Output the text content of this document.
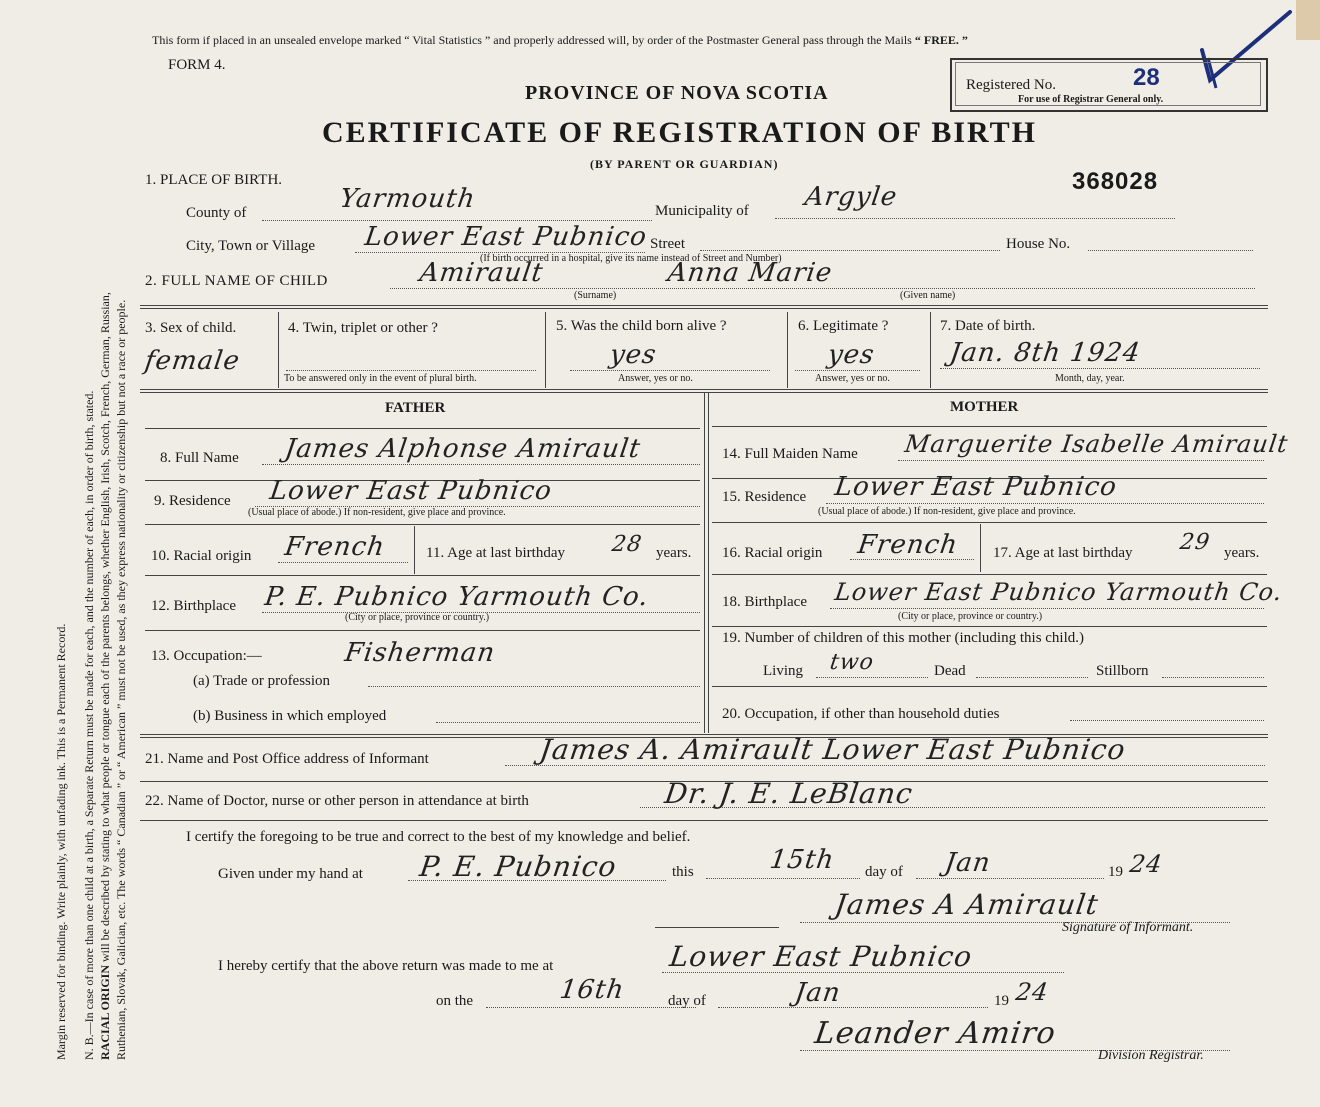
Margin reserved for binding. Write plainly, with unfading ink. This is a Permanent Record. N. B.—In case of more than one child at a birth, a Separate Return must be made for each, and the number of each, in order of birth, stated. RACIAL ORIGIN will be described by stating to what people or tongue each of the parents belongs, whether English, Irish, Scotch, French, German, Russian, Ruthenian, Slovak, Galician, etc. The words “ Canadian ” or “ American ” must not be used, as they express nationality or citizenship but not a race or people.
This form if placed in an unsealed envelope marked “ Vital Statistics ” and properly addressed will, by order of the Postmaster General pass through the Mails “ FREE. ”
FORM 4.
PROVINCE OF NOVA SCOTIA
CERTIFICATE OF REGISTRATION OF BIRTH
(BY PARENT OR GUARDIAN)
Registered No.	28
For use of Registrar General only.
368028
1. PLACE OF BIRTH.
County of	Yarmouth	Municipality of Argyle
City, Town or Village Lower East Pubnico Street	House No.
(If birth occurred in a hospital, give its name instead of Street and Number)
2. FULL NAME OF CHILD	Amirault	Anna Marie
(Surname)	(Given name)
3. Sex of child.
female
4. Twin, triplet or other ?
To be answered only in the event of plural birth.
5. Was the child born alive ?
yes
Answer, yes or no.
6. Legitimate ?
yes
Answer, yes or no.
7. Date of birth.
Jan. 8th 1924
Month, day, year.
FATHER	MOTHER
8. Full Name James Alphonse Amirault
9. Residence Lower East Pubnico
(Usual place of abode.) If non-resident, give place and province.
10. Racial origin French	11. Age at last birthday 28 years.
12. Birthplace P. E. Pubnico Yarmouth Co.
(City or place, province or country.)
13. Occupation:—	Fisherman
(a) Trade or profession
(b) Business in which employed
14. Full Maiden Name Marguerite Isabelle Amirault
15. Residence Lower East Pubnico
(Usual place of abode.) If non-resident, give place and province.
16. Racial origin French 17. Age at last birthday 29 years.
18. Birthplace Lower East Pubnico Yarmouth Co.
(City or place, province or country.)
19. Number of children of this mother (including this child.)
Living two	Dead	Stillborn
20. Occupation, if other than household duties
21. Name and Post Office address of Informant	James A. Amirault Lower East Pubnico
22. Name of Doctor, nurse or other person in attendance at birth	Dr. J. E. LeBlanc
I certify the foregoing to be true and correct to the best of my knowledge and belief.
Given under my hand at P. E. Pubnico	this	15th day of Jan	19 24
James A Amirault
Signature of Informant.
I hereby certify that the above return was made to me at	Lower East Pubnico
on the	16th	day of	Jan	19 24
Leander Amiro
Division Registrar.
